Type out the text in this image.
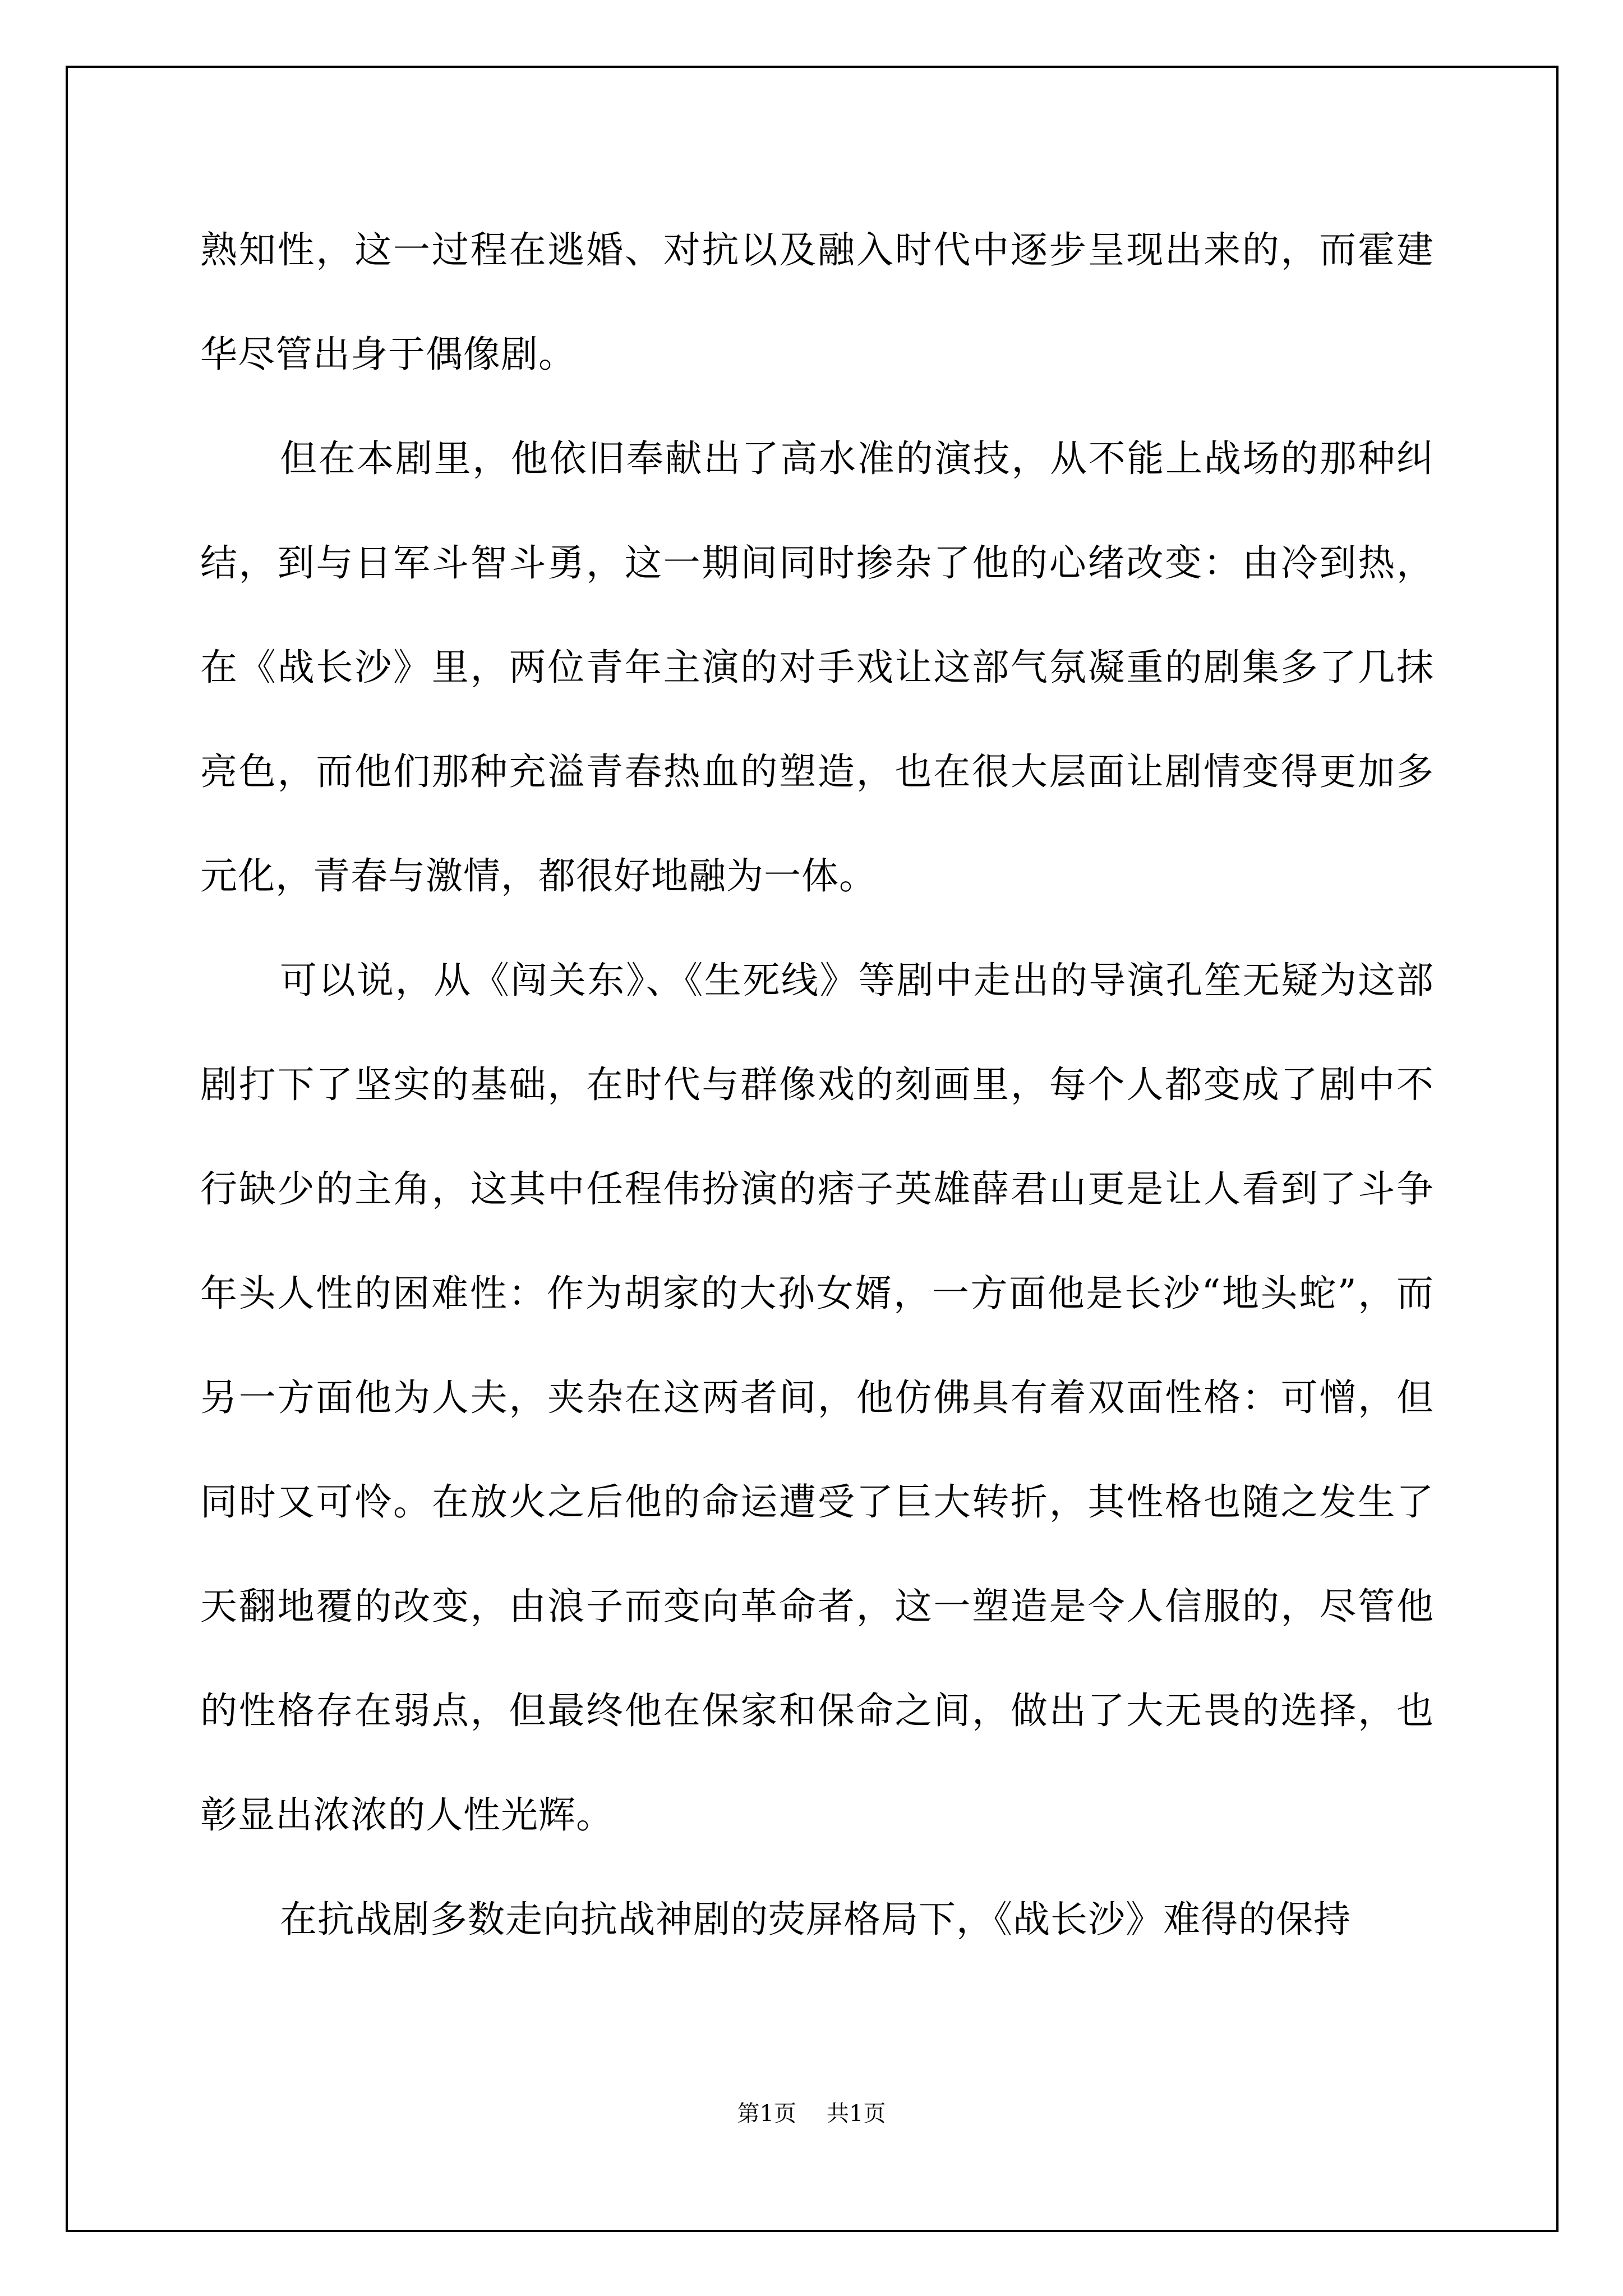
熟知性，这一过程在逃婚、对抗以及融入时代中逐步呈现出来的，而霍建华尽管出身于偶像剧。

但在本剧里，他依旧奉献出了高水准的演技，从不能上战场的那种纠结，到与日军斗智斗勇，这一期间同时掺杂了他的心绪改变：由冷到热，在《战长沙》里，两位青年主演的对手戏让这部气氛凝重的剧集多了几抹亮色，而他们那种充溢青春热血的塑造，也在很大层面让剧情变得更加多元化，青春与激情，都很好地融为一体。

可以说，从《闯关东》、《生死线》等剧中走出的导演孔笙无疑为这部剧打下了坚实的基础，在时代与群像戏的刻画里，每个人都变成了剧中不行缺少的主角，这其中任程伟扮演的痞子英雄薛君山更是让人看到了斗争年头人性的困难性：作为胡家的大孙女婿，一方面他是长沙“地头蛇”，而另一方面他为人夫，夹杂在这两者间，他仿佛具有着双面性格：可憎，但同时又可怜。在放火之后他的命运遭受了巨大转折，其性格也随之发生了天翻地覆的改变，由浪子而变向革命者，这一塑造是令人信服的，尽管他的性格存在弱点，但最终他在保家和保命之间，做出了大无畏的选择，也彰显出浓浓的人性光辉。

在抗战剧多数走向抗战神剧的荧屏格局下，《战长沙》难得的保持

第1页 共1页
